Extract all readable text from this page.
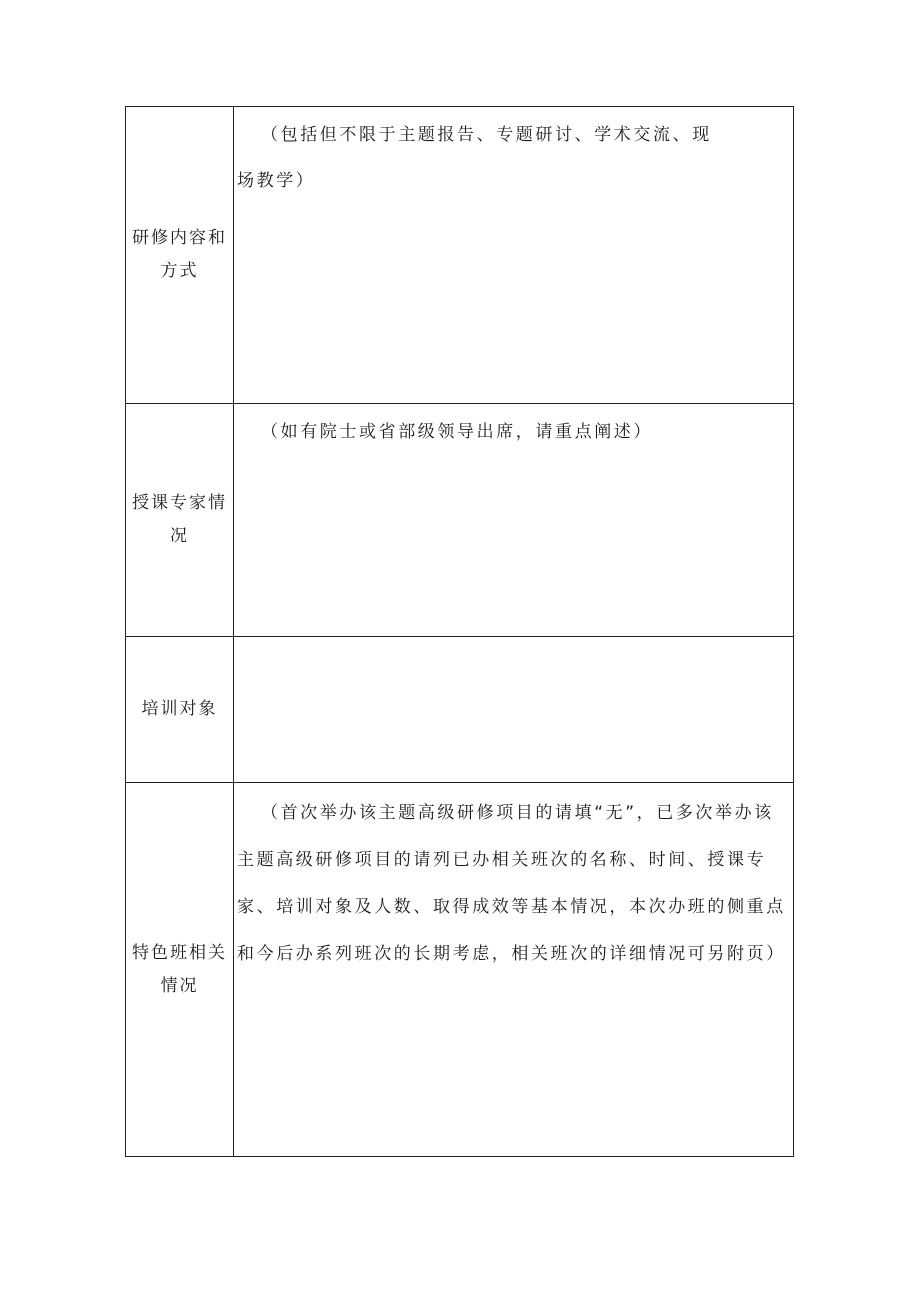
研修内容和方式	（包括但不限于主题报告、专题研讨、学术交流、现场教学）

授课专家情况	（如有院士或省部级领导出席，请重点阐述）

培训对象	

特色班相关情况	（首次举办该主题高级研修项目的请填“无”，已多次举办该主题高级研修项目的请列已办相关班次的名称、时间、授课专家、培训对象及人数、取得成效等基本情况，本次办班的侧重点和今后办系列班次的长期考虑，相关班次的详细情况可另附页）
